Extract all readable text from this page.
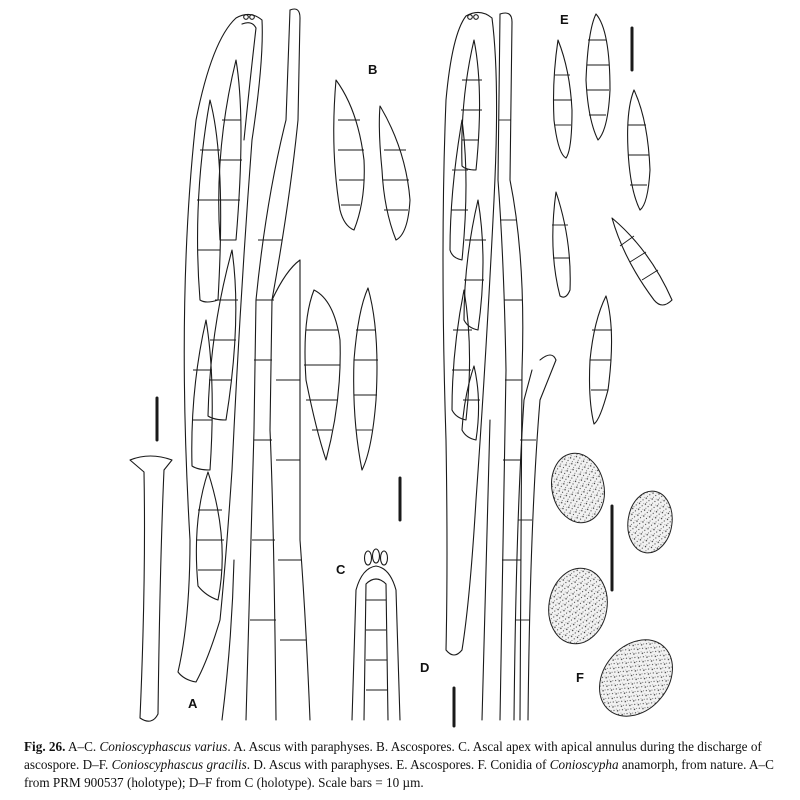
A
B
C
D
E
F
Fig. 26. A–C. Conioscyphascus varius. A. Ascus with paraphyses. B. Ascospores. C. Ascal apex with apical annulus during the discharge of ascospore. D–F. Conioscyphascus gracilis. D. Ascus with paraphyses. E. Ascospores. F. Conidia of Conioscypha anamorph, from nature. A–C from PRM 900537 (holotype); D–F from C (holotype). Scale bars = 10 µm.
